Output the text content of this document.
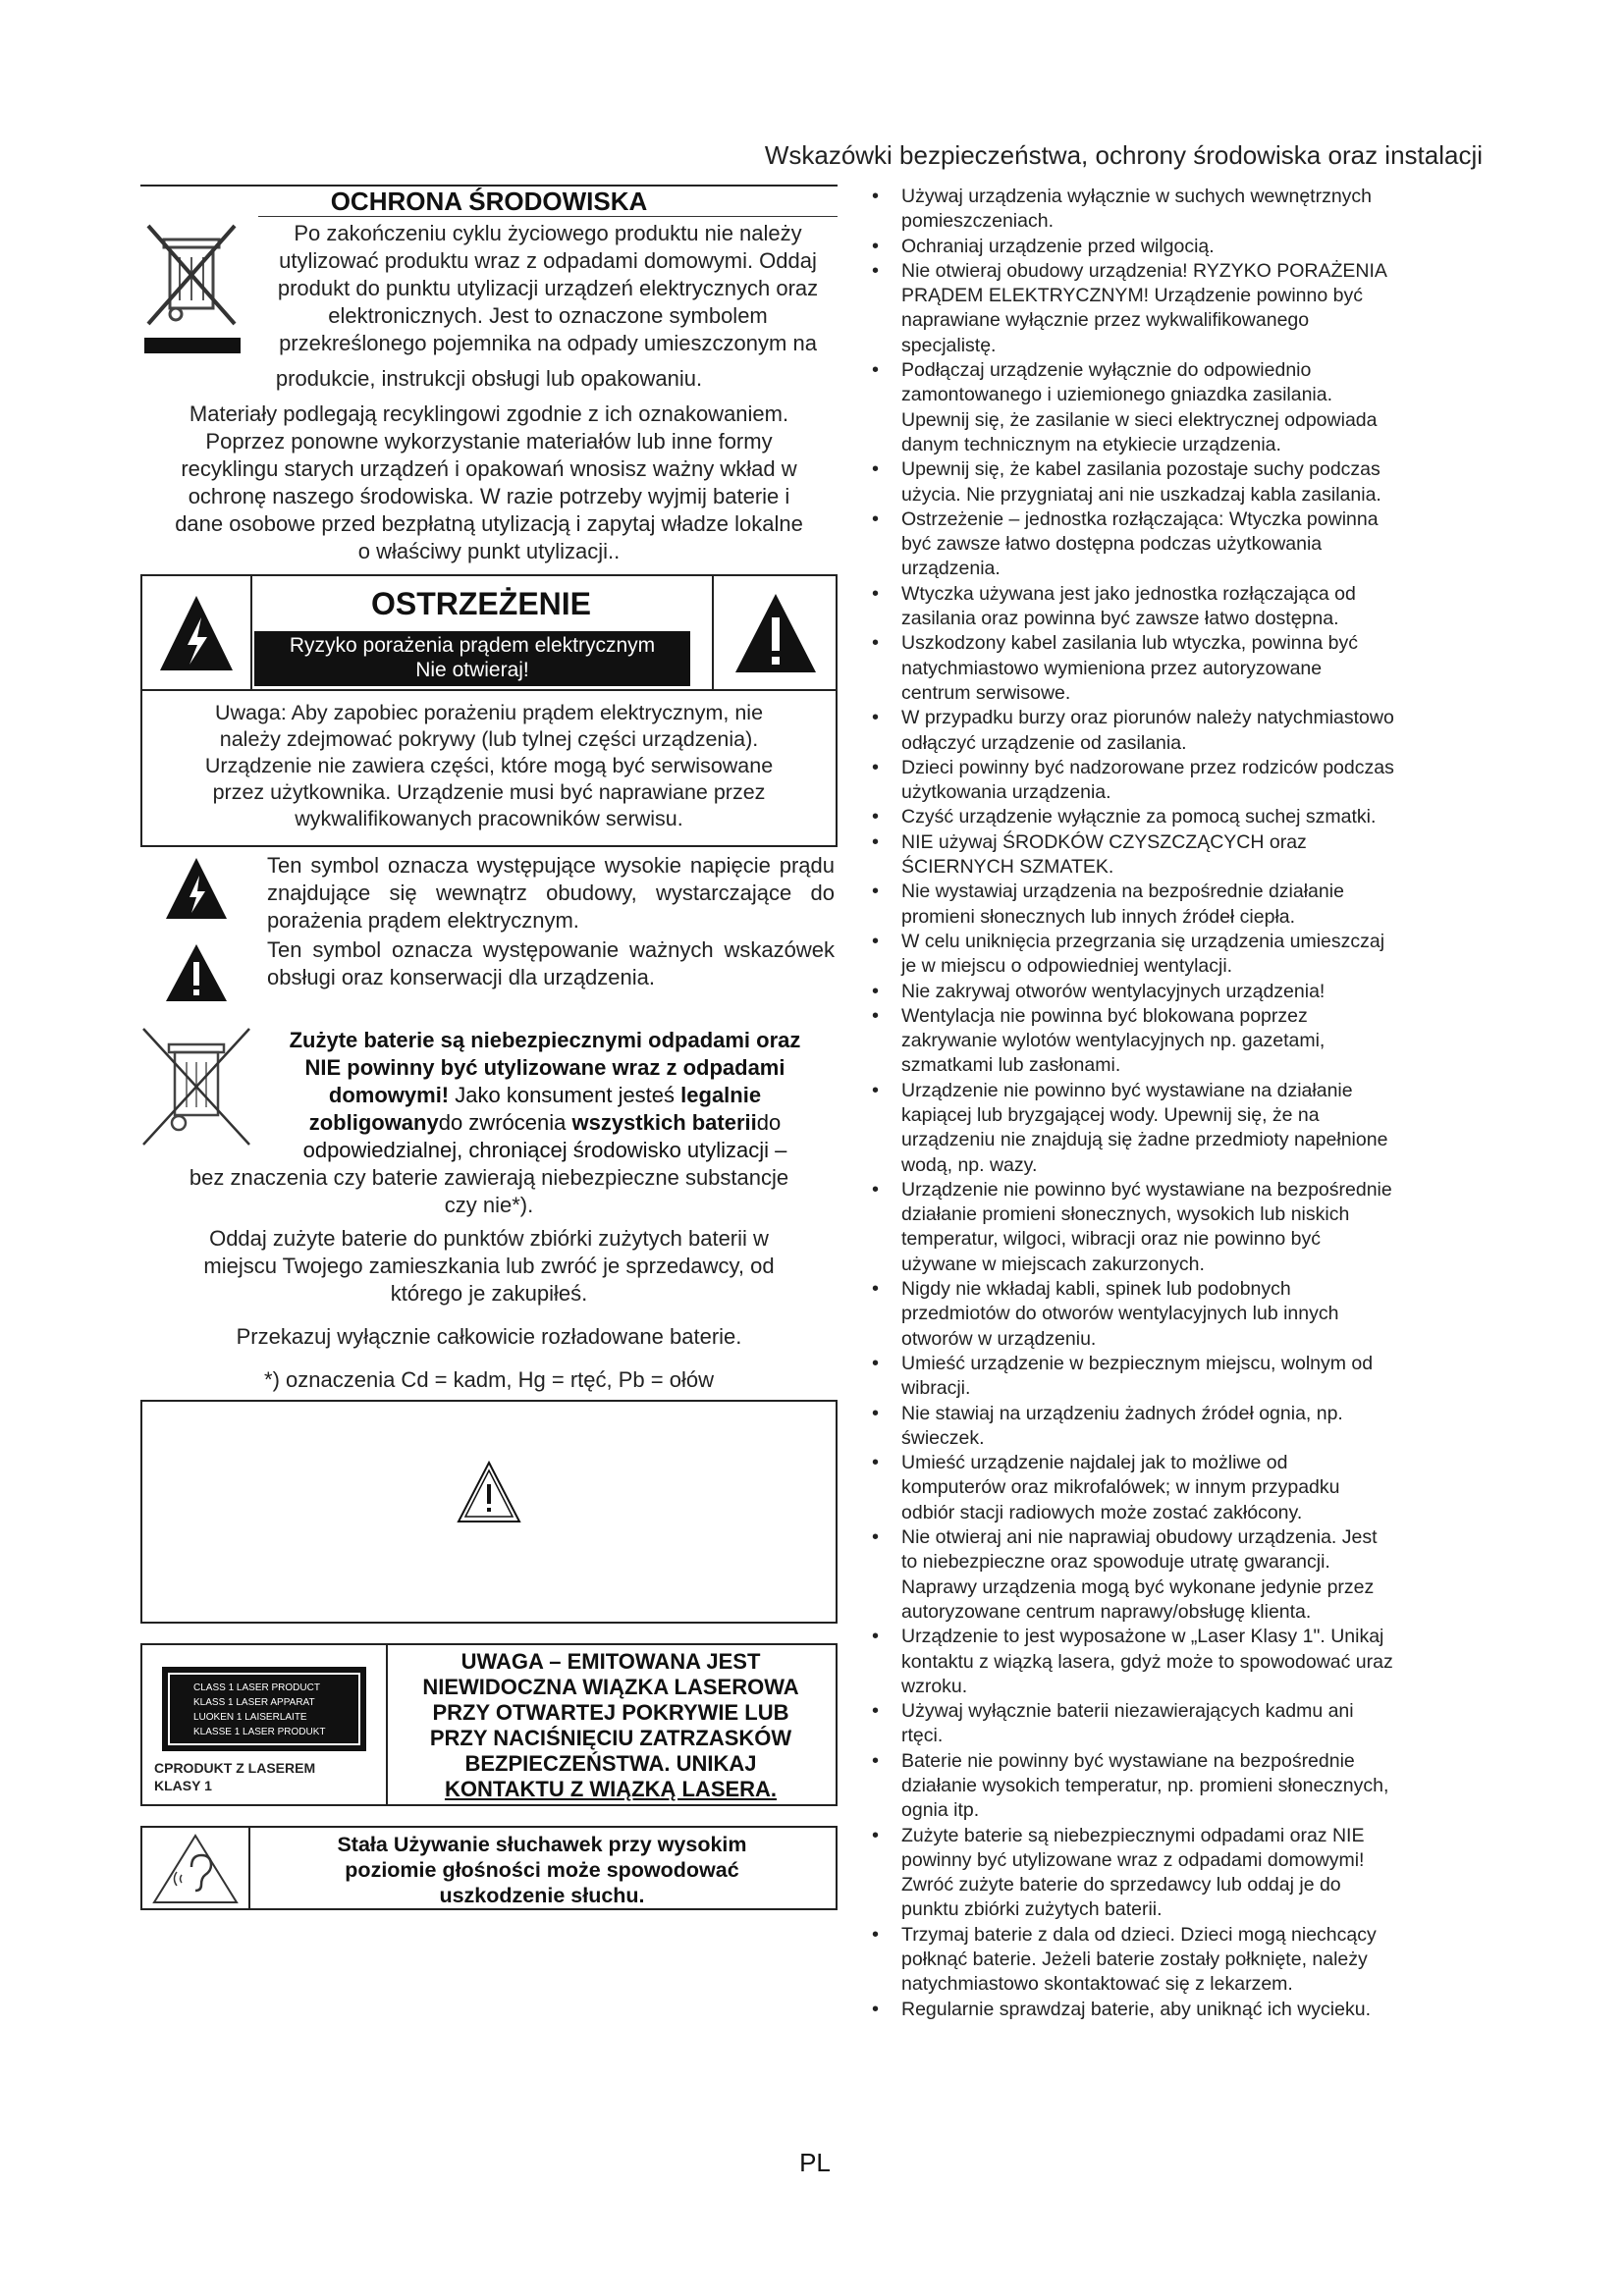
Wskazówki bezpieczeństwa, ochrony środowiska oraz instalacji
OCHRONA ŚRODOWISKA
Po zakończeniu cyklu życiowego produktu nie należy
utylizować produktu wraz z odpadami domowymi. Oddaj
produkt do punktu utylizacji urządzeń elektrycznych oraz
elektronicznych. Jest to oznaczone symbolem
przekreślonego pojemnika na odpady umieszczonym na
produkcie, instrukcji obsługi lub opakowaniu.
Materiały podlegają recyklingowi zgodnie z ich oznakowaniem.
Poprzez ponowne wykorzystanie materiałów lub inne formy
recyklingu starych urządzeń i opakowań wnosisz ważny wkład w
ochronę naszego środowiska. W razie potrzeby wyjmij baterie i
dane osobowe przed bezpłatną utylizacją i zapytaj władze lokalne
o właściwy punkt utylizacji..
OSTRZEŻENIE
Ryzyko porażenia prądem elektrycznym
Nie otwieraj!
Uwaga: Aby zapobiec porażeniu prądem elektrycznym, nie
należy zdejmować pokrywy (lub tylnej części urządzenia).
Urządzenie nie zawiera części, które mogą być serwisowane
przez użytkownika. Urządzenie musi być naprawiane przez
wykwalifikowanych pracowników serwisu.
Ten symbol oznacza występujące wysokie napięcie prądu znajdujące się wewnątrz obudowy, wystarczające do porażenia prądem elektrycznym.
Ten symbol oznacza występowanie ważnych wskazówek obsługi oraz konserwacji dla urządzenia.
Zużyte baterie są niebezpiecznymi odpadami oraz
NIE powinny być utylizowane wraz z odpadami
domowymi! Jako konsument jesteś legalnie
zobligowanydo zwrócenia wszystkich bateriido
odpowiedzialnej, chroniącej środowisko utylizacji –
bez znaczenia czy baterie zawierają niebezpieczne substancje
czy nie*).
Oddaj zużyte baterie do punktów zbiórki zużytych baterii w
miejscu Twojego zamieszkania lub zwróć je sprzedawcy, od
którego je zakupiłeś.
Przekazuj wyłącznie całkowicie rozładowane baterie.
*) oznaczenia Cd = kadm, Hg = rtęć, Pb = ołów
CLASS 1 LASER PRODUCT
KLASS 1 LASER APPARAT
LUOKEN 1 LAISERLAITE
KLASSE 1 LASER PRODUKT
CPRODUKT Z LASEREM
KLASY 1
UWAGA – EMITOWANA JEST
NIEWIDOCZNA WIĄZKA LASEROWA
PRZY OTWARTEJ POKRYWIE LUB
PRZY NACIŚNIĘCIU ZATRZASKÓW
BEZPIECZEŃSTWA. UNIKAJ
KONTAKTU Z WIĄZKĄ LASERA.
Stała Używanie słuchawek przy wysokim
poziomie głośności może spowodować
uszkodzenie słuchu.
• Używaj urządzenia wyłącznie w suchych wewnętrznych
pomieszczeniach.
• Ochraniaj urządzenie przed wilgocią.
• Nie otwieraj obudowy urządzenia! RYZYKO PORAŻENIA
PRĄDEM ELEKTRYCZNYM! Urządzenie powinno być
naprawiane wyłącznie przez wykwalifikowanego
specjalistę.
• Podłączaj urządzenie wyłącznie do odpowiednio
zamontowanego i uziemionego gniazdka zasilania.
Upewnij się, że zasilanie w sieci elektrycznej odpowiada
danym technicznym na etykiecie urządzenia.
• Upewnij się, że kabel zasilania pozostaje suchy podczas
użycia. Nie przygniataj ani nie uszkadzaj kabla zasilania.
• Ostrzeżenie – jednostka rozłączająca: Wtyczka powinna
być zawsze łatwo dostępna podczas użytkowania
urządzenia.
• Wtyczka używana jest jako jednostka rozłączająca od
zasilania oraz powinna być zawsze łatwo dostępna.
• Uszkodzony kabel zasilania lub wtyczka, powinna być
natychmiastowo wymieniona przez autoryzowane
centrum serwisowe.
• W przypadku burzy oraz piorunów należy natychmiastowo
odłączyć urządzenie od zasilania.
• Dzieci powinny być nadzorowane przez rodziców podczas
użytkowania urządzenia.
• Czyść urządzenie wyłącznie za pomocą suchej szmatki.
• NIE używaj ŚRODKÓW CZYSZCZĄCYCH oraz
ŚCIERNYCH SZMATEK.
• Nie wystawiaj urządzenia na bezpośrednie działanie
promieni słonecznych lub innych źródeł ciepła.
• W celu uniknięcia przegrzania się urządzenia umieszczaj
je w miejscu o odpowiedniej wentylacji.
• Nie zakrywaj otworów wentylacyjnych urządzenia!
• Wentylacja nie powinna być blokowana poprzez
zakrywanie wylotów wentylacyjnych np. gazetami,
szmatkami lub zasłonami.
• Urządzenie nie powinno być wystawiane na działanie
kapiącej lub bryzgającej wody. Upewnij się, że na
urządzeniu nie znajdują się żadne przedmioty napełnione
wodą, np. wazy.
• Urządzenie nie powinno być wystawiane na bezpośrednie
działanie promieni słonecznych, wysokich lub niskich
temperatur, wilgoci, wibracji oraz nie powinno być
używane w miejscach zakurzonych.
• Nigdy nie wkładaj kabli, spinek lub podobnych
przedmiotów do otworów wentylacyjnych lub innych
otworów w urządzeniu.
• Umieść urządzenie w bezpiecznym miejscu, wolnym od
wibracji.
• Nie stawiaj na urządzeniu żadnych źródeł ognia, np.
świeczek.
• Umieść urządzenie najdalej jak to możliwe od
komputerów oraz mikrofalówek; w innym przypadku
odbiór stacji radiowych może zostać zakłócony.
• Nie otwieraj ani nie naprawiaj obudowy urządzenia. Jest
to niebezpieczne oraz spowoduje utratę gwarancji.
Naprawy urządzenia mogą być wykonane jedynie przez
autoryzowane centrum naprawy/obsługę klienta.
• Urządzenie to jest wyposażone w „Laser Klasy 1". Unikaj
kontaktu z wiązką lasera, gdyż może to spowodować uraz
wzroku.
• Używaj wyłącznie baterii niezawierających kadmu ani
rtęci.
• Baterie nie powinny być wystawiane na bezpośrednie
działanie wysokich temperatur, np. promieni słonecznych,
ognia itp.
• Zużyte baterie są niebezpiecznymi odpadami oraz NIE
powinny być utylizowane wraz z odpadami domowymi!
Zwróć zużyte baterie do sprzedawcy lub oddaj je do
punktu zbiórki zużytych baterii.
• Trzymaj baterie z dala od dzieci. Dzieci mogą niechcący
połknąć baterie. Jeżeli baterie zostały połknięte, należy
natychmiastowo skontaktować się z lekarzem.
• Regularnie sprawdzaj baterie, aby uniknąć ich wycieku.
PL
